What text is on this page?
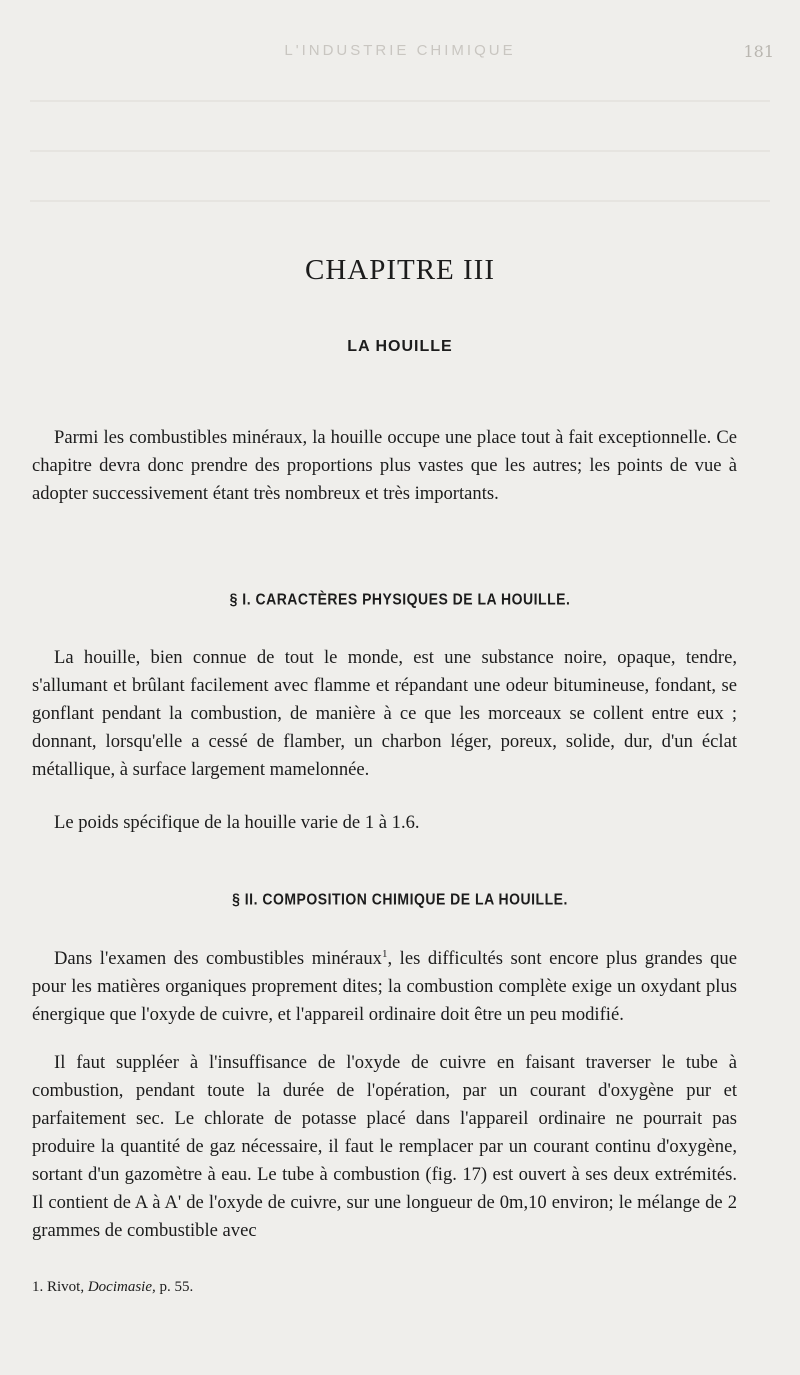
L'INDUSTRIE CHIMIQUE	181
CHAPITRE III
LA HOUILLE

Parmi les combustibles minéraux, la houille occupe une place tout à fait exceptionnelle. Ce chapitre devra donc prendre des proportions plus vastes que les autres; les points de vue à adopter successivement étant très nombreux et très importants.

§ I. CARACTÈRES PHYSIQUES DE LA HOUILLE.

La houille, bien connue de tout le monde, est une substance noire, opaque, tendre, s'allumant et brûlant facilement avec flamme et répandant une odeur bitumineuse, fondant, se gonflant pendant la combustion, de manière à ce que les morceaux se collent entre eux ; donnant, lorsqu'elle a cessé de flamber, un charbon léger, poreux, solide, dur, d'un éclat métallique, à surface largement mamelonnée.

Le poids spécifique de la houille varie de 1 à 1.6.

§ II. COMPOSITION CHIMIQUE DE LA HOUILLE.

Dans l'examen des combustibles minéraux$^1$, les difficultés sont encore plus grandes que pour les matières organiques proprement dites; la combustion complète exige un oxydant plus énergique que l'oxyde de cuivre, et l'appareil ordinaire doit être un peu modifié.

Il faut suppléer à l'insuffisance de l'oxyde de cuivre en faisant traverser le tube à combustion, pendant toute la durée de l'opération, par un courant d'oxygène pur et parfaitement sec. Le chlorate de potasse placé dans l'appareil ordinaire ne pourrait pas produire la quantité de gaz nécessaire, il faut le remplacer par un courant continu d'oxygène, sortant d'un gazomètre à eau. Le tube à combustion (fig. 17) est ouvert à ses deux extrémités. Il contient de A à A' de l'oxyde de cuivre, sur une longueur de 0m,10 environ; le mélange de 2 grammes de combustible avec

1. Rivot, Docimasie, p. 55.
